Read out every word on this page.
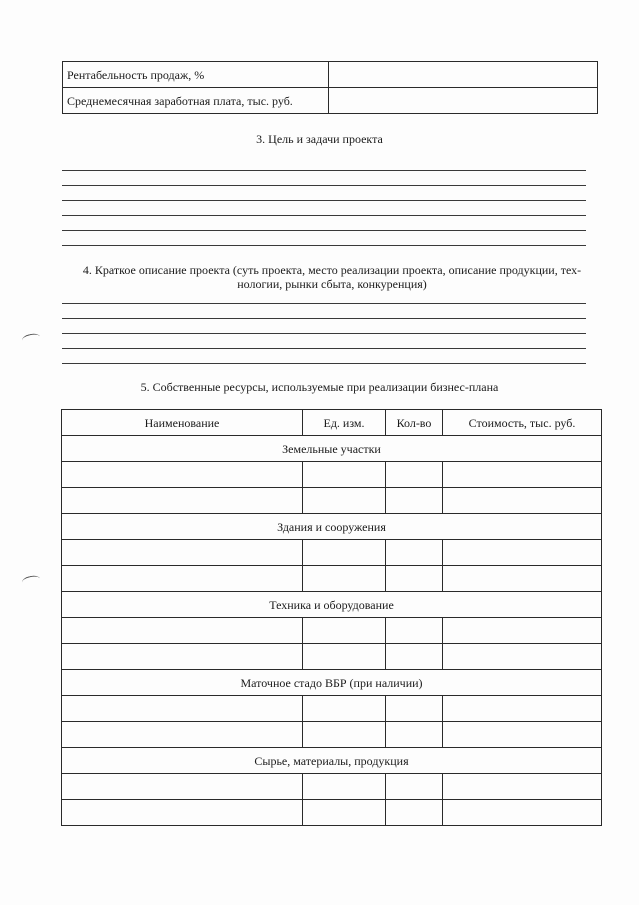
Рентабельность продаж, %	
Среднемесячная заработная плата, тыс. руб.	
3. Цель и задачи проекта
4. Краткое описание проекта (суть проекта, место реализации проекта, описание продукции, тех-
нологии, рынки сбыта, конкуренция)
5. Собственные ресурсы, используемые при реализации бизнес-плана
Наименование	Ед. изм.	Кол-во	Стоимость, тыс. руб.
Земельные участки			

Здания и сооружения			

Техника и оборудование			

Маточное стадо ВБР (при наличии)			

Сырье, материалы, продукция			
